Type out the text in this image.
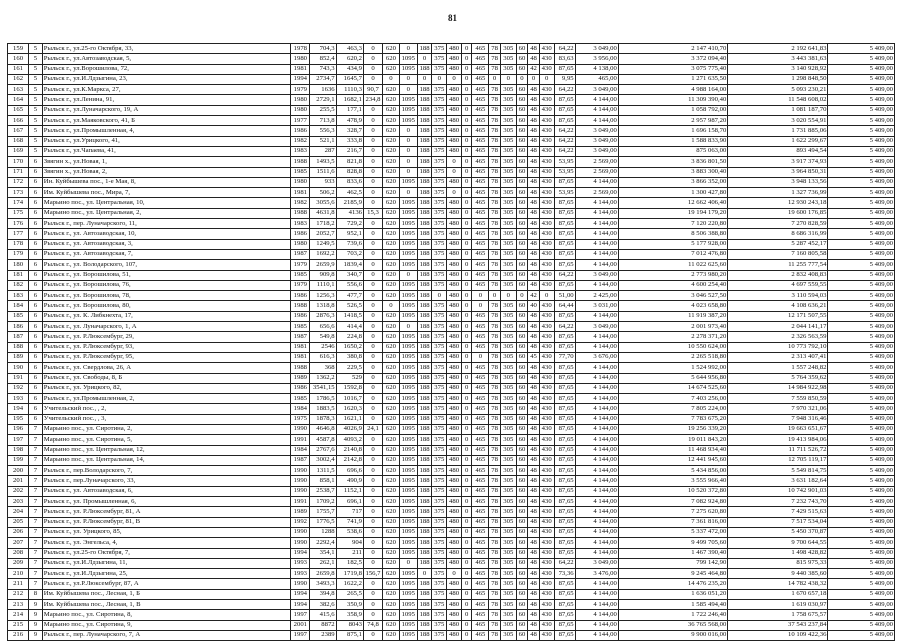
81
159	5	Рыльск г., ул.25-го Октября, 33,	1978	704,3	463,3	0	620	0	188	375	480	0	465	78	305	60	48	430	64,22	3 049,00	2 147 410,70	2 192 641,83	5 409,00
160	5	Рыльск г., ул.Автозаводская, 5,	1980	852,4	620,2	0	620	1095	0	375	480	0	465	78	305	60	48	430	83,63	3 956,00	3 372 094,40	3 443 381,63	5 409,00
161	5	Рыльск г., ул.Ворошилова, 72,	1981	743,3	434,9	0	620	1095	188	375	480	0	465	78	305	60	42	430	87,65	4 138,00	3 075 775,40	3 140 928,92	5 409,00
162	5	Рыльск г., ул.И.Лдзыгина, 23,	1994	2734,7	1645,7	0	0	0	0	0	0	0	465	0	0	0	0	0	9,95	465,00	1 271 635,50	1 298 848,50	5 409,00
163	5	Рыльск г., ул.К.Маркса, 27,	1979	1636	1110,3	90,7	620	0	188	375	480	0	465	78	305	60	48	430	64,22	3 049,00	4 988 164,00	5 093 230,21	5 409,00
164	5	Рыльск г., ул.Ленина, 91,	1980	2729,1	1682,1	234,8	620	1095	188	375	480	0	465	78	305	60	48	430	87,65	4 144,00	11 309 390,40	11 548 608,02	5 409,00
165	5	Рыльск г., ул.Луначарского, 19, А	1980	255,5	177,1	0	620	1095	188	375	480	0	465	78	305	60	48	430	87,65	4 144,00	1 058 792,00	1 081 187,70	5 409,00
166	5	Рыльск г., ул.Маяковского, 41, Б	1977	713,8	478,9	0	620	1095	188	375	480	0	465	78	305	60	48	430	87,65	4 144,00	2 957 987,20	3 020 554,91	5 409,00
167	5	Рыльск г., ул.Промышленная, 4,	1986	556,3	328,7	0	620	0	188	375	480	0	465	78	305	60	48	430	64,22	3 049,00	1 696 158,70	1 731 885,06	5 409,00
168	5	Рыльск г., ул.Урицкого, 41,	1982	521,1	333,8	0	620	0	188	375	480	0	465	78	305	60	48	430	64,22	3 049,00	1 588 833,90	1 622 299,67	5 409,00
169	5	Рыльск г., ул.Чапаева, 41,	1983	287	216,7	0	620	0	188	375	480	0	465	78	305	60	48	430	64,22	3 049,00	875 063,00	893 494,54	5 409,00
170	6	Звягин х., ул.Новая, 1,	1988	1493,5	821,8	0	620	0	188	375	0	0	465	78	305	60	48	430	53,95	2 569,00	3 836 801,50	3 917 374,93	5 409,00
171	6	Звягин х., ул.Новая, 2,	1985	1511,6	828,8	0	620	0	188	375	0	0	465	78	305	60	48	430	53,95	2 569,00	3 883 300,40	3 964 850,31	5 409,00
172	6	Ин. Куйбышева пос., 1-е Мая, 8,	1980	933	833,6	0	620	1095	188	375	480	0	465	78	305	60	48	430	87,65	4 144,00	3 866 352,00	3 948 133,56	5 409,00
173	6	Им. Куйбышева пос., Мира, 7,	1981	506,2	462,5	0	620	0	188	375	0	0	465	78	305	60	48	430	53,95	2 569,00	1 300 427,80	1 327 736,99	5 409,00
174	6	Марьино пос., ул. Центральная, 10,	1982	3055,6	2185,9	0	620	1095	188	375	480	0	465	78	305	60	48	430	87,65	4 144,00	12 662 406,40	12 930 243,18	5 409,00
175	6	Марьино пос., ул. Центральная, 2,	1988	4631,8	4136	15,3	620	1095	188	375	480	0	465	78	305	60	48	430	87,65	4 144,00	19 194 179,20	19 600 176,85	5 409,00
176	6	Рыльск г., пер. Луначарского, 11,	1983	1718,2	729,2	0	620	1095	188	375	480	0	465	78	305	60	48	430	87,65	4 144,00	7 120 220,80	7 270 828,59	5 409,00
177	6	Рыльск г., ул. Автозаводская, 10,	1986	2052,7	952,1	0	620	1095	188	375	480	0	465	78	305	60	48	430	87,65	4 144,00	8 506 388,80	8 686 316,99	5 409,00
178	6	Рыльск г., ул. Автозаводская, 3,	1980	1249,5	739,6	0	620	1095	188	375	480	0	465	78	305	60	48	430	87,65	4 144,00	5 177 928,00	5 287 452,17	5 409,00
179	6	Рыльск г., ул. Автозаводская, 7,	1987	1692,2	703,2	0	620	1095	188	375	480	0	465	78	305	60	48	430	87,65	4 144,00	7 012 476,80	7 160 805,58	5 409,00
180	6	Рыльск г., ул. Володарского, 107,	1979	2659,9	1839,4	0	620	1095	188	375	480	0	465	78	305	60	48	430	87,65	4 144,00	11 022 625,60	11 255 777,54	5 409,00
181	6	Рыльск г., ул. Ворошилова, 51,	1985	909,8	340,7	0	620	0	188	375	480	0	465	78	305	60	48	430	64,22	3 049,00	2 773 980,20	2 832 408,83	5 409,00
182	6	Рыльск г., ул. Ворошилова, 76,	1979	1110,1	556,6	0	620	1095	188	375	480	0	465	78	305	60	48	430	87,65	4 144,00	4 600 254,40	4 697 559,55	5 409,00
183	6	Рыльск г., ул. Ворошилова, 78,	1986	1256,3	477,7	0	620	1095	188	0	480	0	0	0	0	0	42	0	51,00	2 425,00	3 046 527,50	3 110 594,03	5 409,00
184	6	Рыльск г., ул. Ворошилова, 80,	1988	1318,8	526,5	0	0	1095	188	375	480	0	0	78	305	60	40	430	64,44	3 031,00	4 023 658,80	4 108 636,21	5 409,00
185	6	Рыльск г., ул. К. Либкнехта, 17,	1986	2876,3	1418,5	0	620	1095	188	375	480	0	465	78	305	60	48	430	87,65	4 144,00	11 919 387,20	12 171 507,55	5 409,00
186	6	Рыльск г., ул. Луначарского, 1, А	1985	656,6	414,4	0	620	0	188	375	480	0	465	78	305	60	48	430	64,22	3 049,00	2 001 973,40	2 044 141,17	5 409,00
187	6	Рыльск г., ул. Р.Люксембург, 29,	1987	549,8	224,8	0	620	1095	188	375	480	0	465	78	305	60	48	430	87,65	4 144,00	2 278 371,20	2 326 563,59	5 409,00
188	6	Рыльск г., ул. Р.Люксембург, 93,	1981	2546	1650,2	0	620	1095	188	375	480	0	465	78	305	60	48	430	87,65	4 144,00	10 550 624,00	10 773 792,10	5 409,00
189	6	Рыльск г., ул. Р.Люксембург, 95,	1981	616,3	380,8	0	620	1095	188	375	480	0	0	78	305	60	45	430	77,70	3 676,00	2 265 518,80	2 313 407,41	5 409,00
190	6	Рыльск г., ул. Свердлова, 26, А	1988	368	229,5	0	620	1095	188	375	480	0	465	78	305	60	48	430	87,65	4 144,00	1 524 992,00	1 557 248,82	5 409,00
191	6	Рыльск г., ул. Свободы, 8, Б	1989	1362,2	529	0	620	1095	188	375	480	0	465	78	305	60	48	430	87,65	4 144,00	5 644 956,80	5 764 359,62	5 409,00
192	6	Рыльск г., ул. Урицкого, 82,	1986	3541,15	1592,8	0	620	1095	188	375	480	0	465	78	305	60	48	430	87,65	4 144,00	14 674 525,60	14 984 922,98	5 409,00
193	6	Рыльск г., ул.Промышленная, 2,	1985	1786,5	1016,7	0	620	1095	188	375	480	0	465	78	305	60	48	430	87,65	4 144,00	7 403 256,00	7 559 850,59	5 409,00
194	6	Учительский пос., , 2,	1984	1883,5	1620,3	0	620	1095	188	375	480	0	465	78	305	60	48	430	87,65	4 144,00	7 805 224,00	7 970 321,06	5 409,00
195	6	Учительский пос., , 3,	1975	1878,3	1621,1	0	620	1095	188	375	480	0	465	78	305	60	48	430	87,65	4 144,00	7 783 675,20	7 948 316,46	5 409,00
196	7	Марьино пос., ул. Сиротина, 2,	1990	4646,8	4026,9	24,1	620	1095	188	375	480	0	465	78	305	60	48	430	87,65	4 144,00	19 256 339,20	19 663 651,67	5 409,00
197	7	Марьино пос., ул. Сиротина, 5,	1991	4587,8	4093,2	0	620	1095	188	375	480	0	465	78	305	60	48	430	87,65	4 144,00	19 011 843,20	19 413 984,06	5 409,00
198	7	Марьино пос., ул. Центральная, 12,	1984	2767,6	2140,8	0	620	1095	188	375	480	0	465	78	305	60	48	430	87,65	4 144,00	11 468 934,40	11 711 526,72	5 409,00
199	7	Марьино пос., ул. Центральная, 14,	1987	3002,4	2142,8	0	620	1095	188	375	480	0	465	78	305	60	48	430	87,65	4 144,00	12 441 945,60	12 705 119,17	5 409,00
200	7	Рыльск г., пер.Володарского, 7,	1990	1311,5	696,6	0	620	1095	188	375	480	0	465	78	305	60	48	430	87,65	4 144,00	5 434 856,00	5 549 814,75	5 409,00
201	7	Рыльск г., пер.Луначарского, 33,	1990	858,1	490,9	0	620	1095	188	375	480	0	465	78	305	60	48	430	87,65	4 144,00	3 555 966,40	3 631 182,64	5 409,00
202	7	Рыльск г., ул. Автозаводская, 6,	1990	2538,7	1152,1	0	620	1095	188	375	480	0	465	78	305	60	48	430	87,65	4 144,00	10 520 372,80	10 742 901,03	5 409,00
203	7	Рыльск г., ул. Промышленная, 6,	1991	1709,2	696,1	0	620	1095	188	375	480	0	465	78	305	60	48	430	87,65	4 144,00	7 082 924,80	7 232 743,70	5 409,00
204	7	Рыльск г., ул. Р.Люксембург, 81, А	1989	1755,7	717	0	620	1095	188	375	480	0	465	78	305	60	48	430	87,65	4 144,00	7 275 620,80	7 429 515,63	5 409,00
205	7	Рыльск г., ул. Р.Люксембург, 81, В	1992	1776,5	741,9	0	620	1095	188	375	480	0	465	78	305	60	48	430	87,65	4 144,00	7 361 816,00	7 517 534,04	5 409,00
206	7	Рыльск г., ул. Урицкого, 85,	1990	1288	538,6	0	620	1095	188	375	480	0	465	78	305	60	48	430	87,65	4 144,00	5 337 472,00	5 450 370,87	5 409,00
207	7	Рыльск г., ул. Энгельса, 4,	1990	2292,4	904	0	620	1095	188	375	480	0	465	78	305	60	48	430	87,65	4 144,00	9 499 705,60	9 700 644,55	5 409,00
208	7	Рыльск г., ул.25-го Октября, 7,	1994	354,1	211	0	620	1095	188	375	480	0	465	78	305	60	48	430	87,65	4 144,00	1 467 390,40	1 498 428,82	5 409,00
209	7	Рыльск г., ул.И.Лдзыгина, 11,	1993	262,1	182,5	0	620	0	188	375	480	0	465	78	305	60	48	430	64,22	3 049,00	799 142,90	815 975,33	5 409,00
210	7	Рыльск г., ул.И.Лдзыгина, 25,	1993	2659,8	1719,8	156,7	620	1095	0	375	0	0	465	78	305	60	48	430	73,36	3 476,00	9 245 464,80	9 440 385,60	5 409,00
211	7	Рыльск г., ул.Р.Люксембург, 87, А	1990	3493,3	1622,2	0	620	1095	188	375	480	0	465	78	305	60	48	430	87,65	4 144,00	14 476 235,20	14 782 438,32	5 409,00
212	8	Им. Куйбышева пос., Лесная, 1, Б	1994	394,8	265,5	0	620	1095	188	375	480	0	465	78	305	60	48	430	87,65	4 144,00	1 636 051,20	1 670 657,18	5 409,00
213	9	Им. Куйбышева пос., Лесная, 1, В	1994	382,6	350,9	0	620	1095	188	375	480	0	465	78	305	60	48	430	87,65	4 144,00	1 585 494,40	1 619 030,97	5 409,00
214	9	Марьино пос., ул. Сиротина, 8,	1997	415,6	358,9	0	620	1095	188	375	480	0	465	78	305	60	48	430	87,65	4 144,00	1 722 246,40	1 758 675,57	5 409,00
215	9	Марьино пос., ул. Сиротина, 9,	2001	8872	8043	74,8	620	1095	188	375	480	0	465	78	305	60	48	430	87,65	4 144,00	36 765 568,00	37 543 237,84	5 409,00
216	9	Рыльск г., пер. Луначарского, 7, А	1997	2389	875,1	0	620	1095	188	375	480	0	465	78	305	60	48	430	87,65	4 144,00	9 900 016,00	10 109 422,36	5 409,00
